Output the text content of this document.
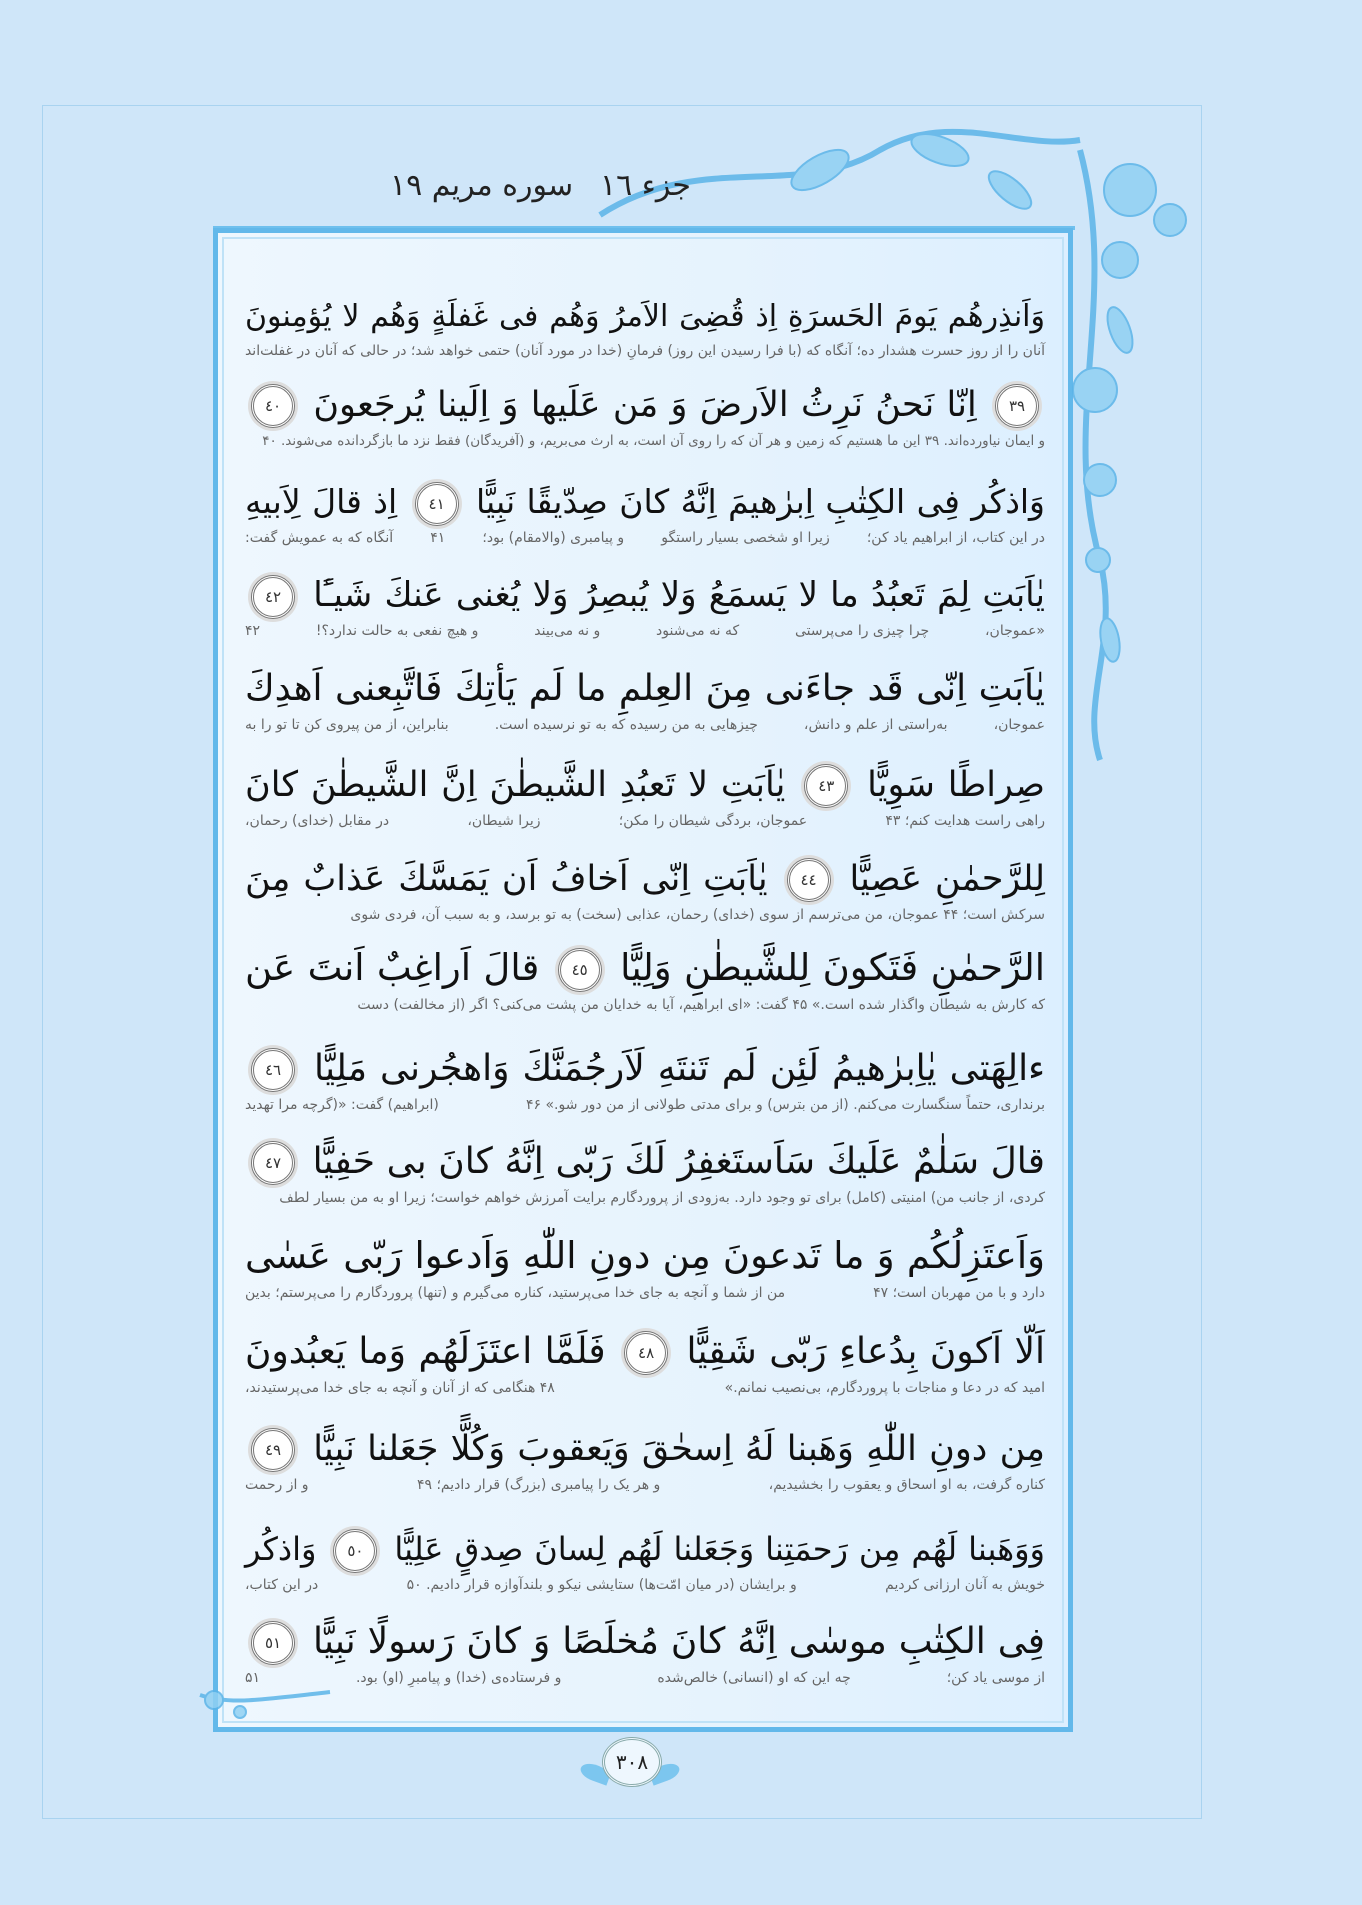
جزء ١٦
سوره مریم ١٩
وَاَنذِرهُم یَومَ الحَسرَةِ اِذ قُضِیَ الاَمرُ وَهُم فی غَفلَةٍ وَهُم لا یُؤمِنونَ
آنان را از روز حسرت هشدار ده؛ آنگاه که (با فرا رسیدن این روز) فرمانِ (خدا در مورد آنان) حتمی خواهد شد؛ در حالی که آنان در غفلت‌اند
٣٩ اِنّا نَحنُ نَرِثُ الاَرضَ وَ مَن عَلَیها وَ اِلَینا یُرجَعونَ ٤٠
و ایمان نیاورده‌اند. ۳۹ این ما هستیم که زمین و هر آن که را روی آن است، به ارث می‌بریم، و (آفریدگان) فقط نزد ما بازگردانده می‌شوند. ۴۰
وَاذکُر فِی الکِتٰبِ اِبرٰهیمَ اِنَّهُ کانَ صِدّیقًا نَبِیًّا ٤١ اِذ قالَ لِاَبیهِ
در این کتاب، از ابراهیم یاد کن؛
زیرا او شخصی بسیار راستگو
و پیامبری (والامقام) بود؛
۴۱
آنگاه که به عمویش گفت:
یٰاَبَتِ لِمَ تَعبُدُ ما لا یَسمَعُ وَلا یُبصِرُ وَلا یُغنی عَنكَ شَیـًٔا ٤٢
«عموجان،
چرا چیزی را می‌پرستی
که نه می‌شنود
و نه می‌بیند
و هیچ نفعی به حالت ندارد؟!
۴۲
یٰاَبَتِ اِنّی قَد جاءَنی مِنَ العِلمِ ما لَم یَأتِكَ فَاتَّبِعنی اَهدِكَ
عموجان،
به‌راستی از علم و دانش،
چیزهایی به من رسیده که به تو نرسیده است.
بنابراین، از من پیروی کن تا تو را به
صِراطًا سَوِیًّا ٤٣ یٰاَبَتِ لا تَعبُدِ الشَّیطٰنَ اِنَّ الشَّیطٰنَ کانَ
راهی راست هدایت کنم؛ ۴۳
عموجان، بردگی شیطان را مکن؛
زیرا شیطان،
در مقابل (خدای) رحمان،
لِلرَّحمٰنِ عَصِیًّا ٤٤ یٰاَبَتِ اِنّی اَخافُ اَن یَمَسَّكَ عَذابٌ مِنَ
سرکش است؛ ۴۴ عموجان، من می‌ترسم از سوی (خدای) رحمان، عذابی (سخت) به تو برسد، و به سبب آن، فردی شوی
الرَّحمٰنِ فَتَکونَ لِلشَّیطٰنِ وَلِیًّا ٤٥ قالَ اَراغِبٌ اَنتَ عَن
که کارش به شیطان واگذار شده است.» ۴۵ گفت: «ای ابراهیم، آیا به خدایان من پشت می‌کنی؟ اگر (از مخالفت) دست
ءالِهَتی یٰاِبرٰهیمُ لَئِن لَم تَنتَهِ لَاَرجُمَنَّكَ وَاهجُرنی مَلِیًّا ٤٦
برنداری، حتماً سنگسارت می‌کنم. (از من بترس) و برای مدتی طولانی از من دور شو.» ۴۶
(ابراهیم) گفت: «(گرچه مرا تهدید
قالَ سَلٰمٌ عَلَیكَ سَاَستَغفِرُ لَكَ رَبّی اِنَّهُ کانَ بی حَفِیًّا ٤٧
کردی، از جانب من) امنیتی (کامل) برای تو وجود دارد. به‌زودی از پروردگارم برایت آمرزش خواهم خواست؛ زیرا او به من بسیار لطف
وَاَعتَزِلُکُم وَ ما تَدعونَ مِن دونِ اللّٰهِ وَاَدعوا رَبّی عَسٰی
دارد و با من مهربان است؛ ۴۷
من از شما و آنچه به جای خدا می‌پرستید، کناره می‌گیرم و (تنها) پروردگارم را می‌پرستم؛ بدین
اَلّا اَکونَ بِدُعاءِ رَبّی شَقِیًّا ٤٨ فَلَمَّا اعتَزَلَهُم وَما یَعبُدونَ
امید که در دعا و مناجات با پروردگارم، بی‌نصیب نمانم.»
۴۸ هنگامی که از آنان و آنچه به جای خدا می‌پرستیدند،
مِن دونِ اللّٰهِ وَهَبنا لَهُ اِسحٰقَ وَیَعقوبَ وَکُلًّا جَعَلنا نَبِیًّا ٤٩
کناره گرفت، به او اسحاق و یعقوب را بخشیدیم،
و هر یک را پیامبری (بزرگ) قرار دادیم؛ ۴۹
و از رحمت
وَوَهَبنا لَهُم مِن رَحمَتِنا وَجَعَلنا لَهُم لِسانَ صِدقٍ عَلِیًّا ٥٠ وَاذکُر
خویش به آنان ارزانی کردیم
و برایشان (در میان امّت‌ها) ستایشی نیکو و بلندآوازه قرار دادیم. ۵۰
در این کتاب،
فِی الکِتٰبِ موسٰی اِنَّهُ کانَ مُخلَصًا وَ کانَ رَسولًا نَبِیًّا ٥١
از موسی یاد کن؛
چه این که او (انسانی) خالص‌شده
و فرستاده‌ی (خدا) و پیامبرِ (او) بود.
۵۱
٣٠٨
